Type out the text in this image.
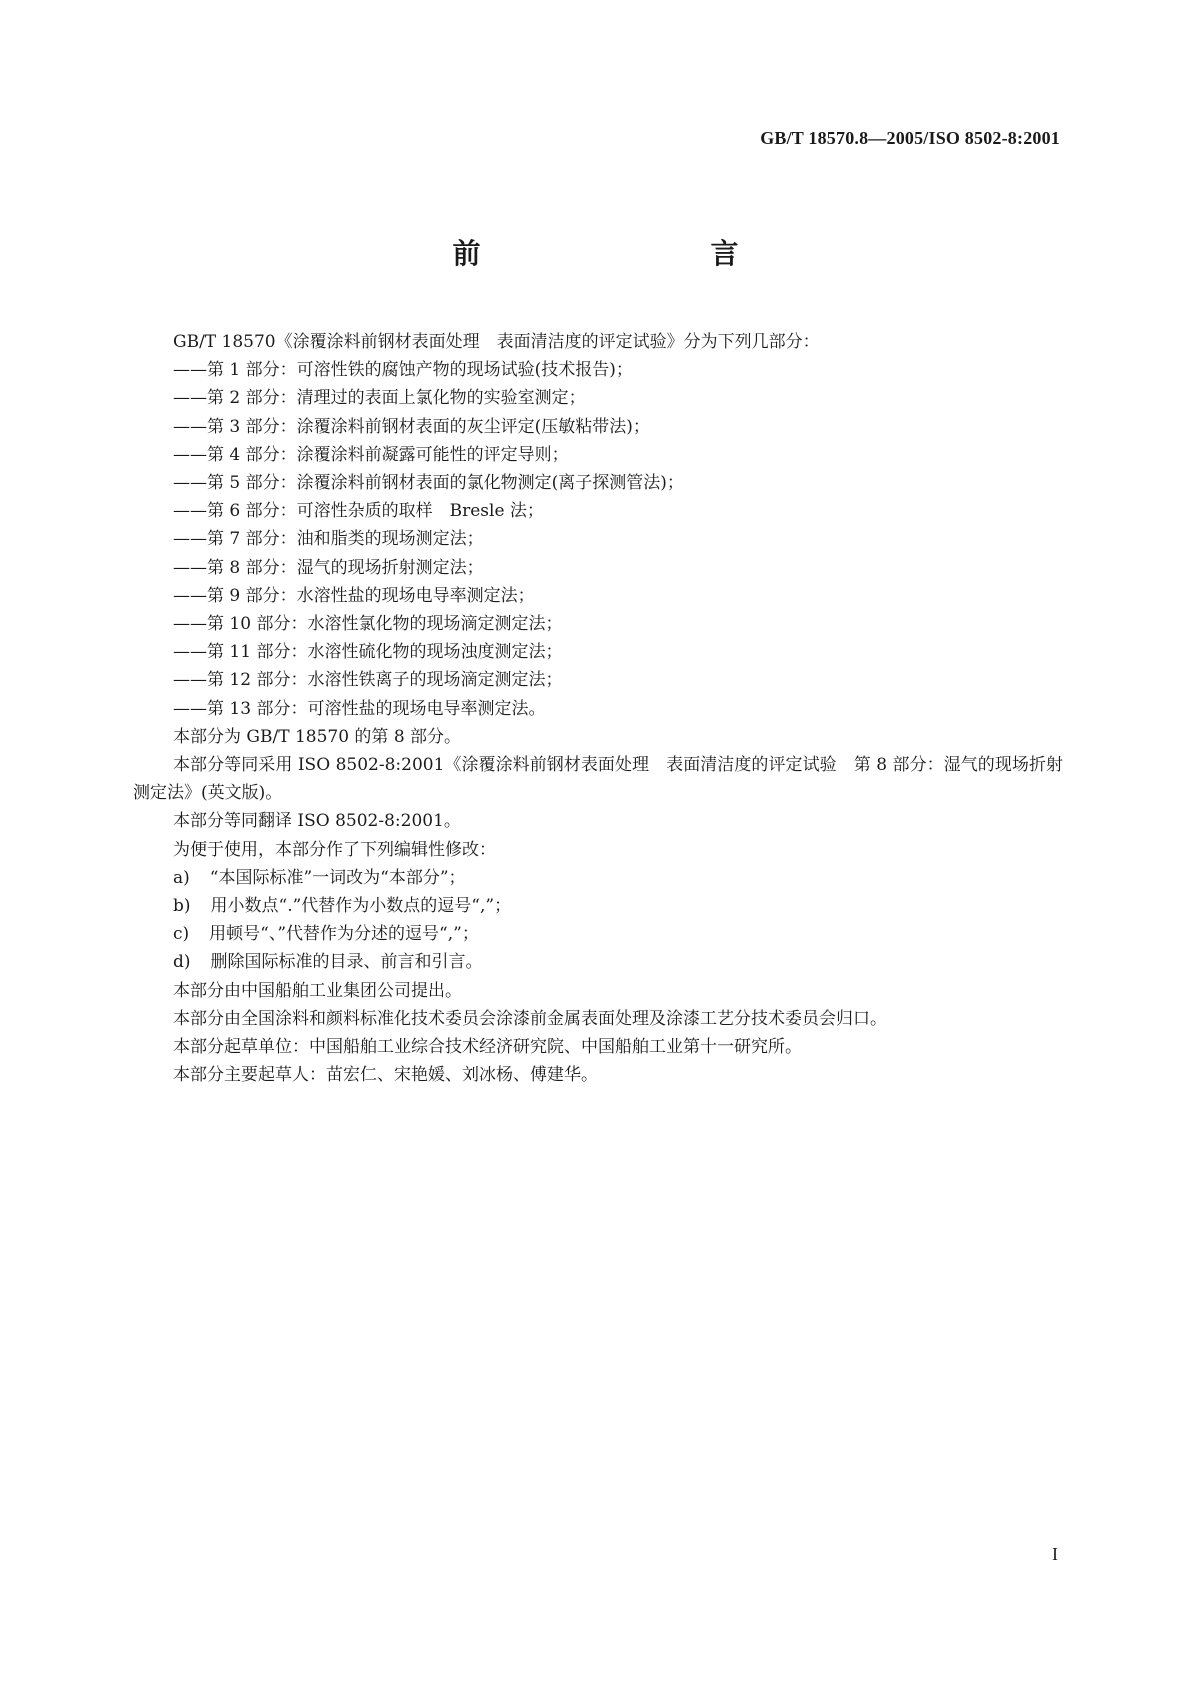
GB/T 18570.8—2005/ISO 8502-8:2001
前　　言

GB/T 18570《涂覆涂料前钢材表面处理　表面清洁度的评定试验》分为下列几部分：

——第 1 部分：可溶性铁的腐蚀产物的现场试验(技术报告)；

——第 2 部分：清理过的表面上氯化物的实验室测定；

——第 3 部分：涂覆涂料前钢材表面的灰尘评定(压敏粘带法)；

——第 4 部分：涂覆涂料前凝露可能性的评定导则；

——第 5 部分：涂覆涂料前钢材表面的氯化物测定(离子探测管法)；

——第 6 部分：可溶性杂质的取样　Bresle 法；

——第 7 部分：油和脂类的现场测定法；

——第 8 部分：湿气的现场折射测定法；

——第 9 部分：水溶性盐的现场电导率测定法；

——第 10 部分：水溶性氯化物的现场滴定测定法；

——第 11 部分：水溶性硫化物的现场浊度测定法；

——第 12 部分：水溶性铁离子的现场滴定测定法；

——第 13 部分：可溶性盐的现场电导率测定法。

本部分为 GB/T 18570 的第 8 部分。

本部分等同采用 ISO 8502-8:2001《涂覆涂料前钢材表面处理　表面清洁度的评定试验　第 8 部分：湿气的现场折射测定法》(英文版)。

本部分等同翻译 ISO 8502-8:2001。

为便于使用，本部分作了下列编辑性修改：

a) “本国际标准”一词改为“本部分”；

b) 用小数点“.”代替作为小数点的逗号“,”；

c) 用顿号“、”代替作为分述的逗号“,”；

d) 删除国际标准的目录、前言和引言。

本部分由中国船舶工业集团公司提出。

本部分由全国涂料和颜料标准化技术委员会涂漆前金属表面处理及涂漆工艺分技术委员会归口。

本部分起草单位：中国船舶工业综合技术经济研究院、中国船舶工业第十一研究所。

本部分主要起草人：苗宏仁、宋艳媛、刘冰杨、傅建华。

I
